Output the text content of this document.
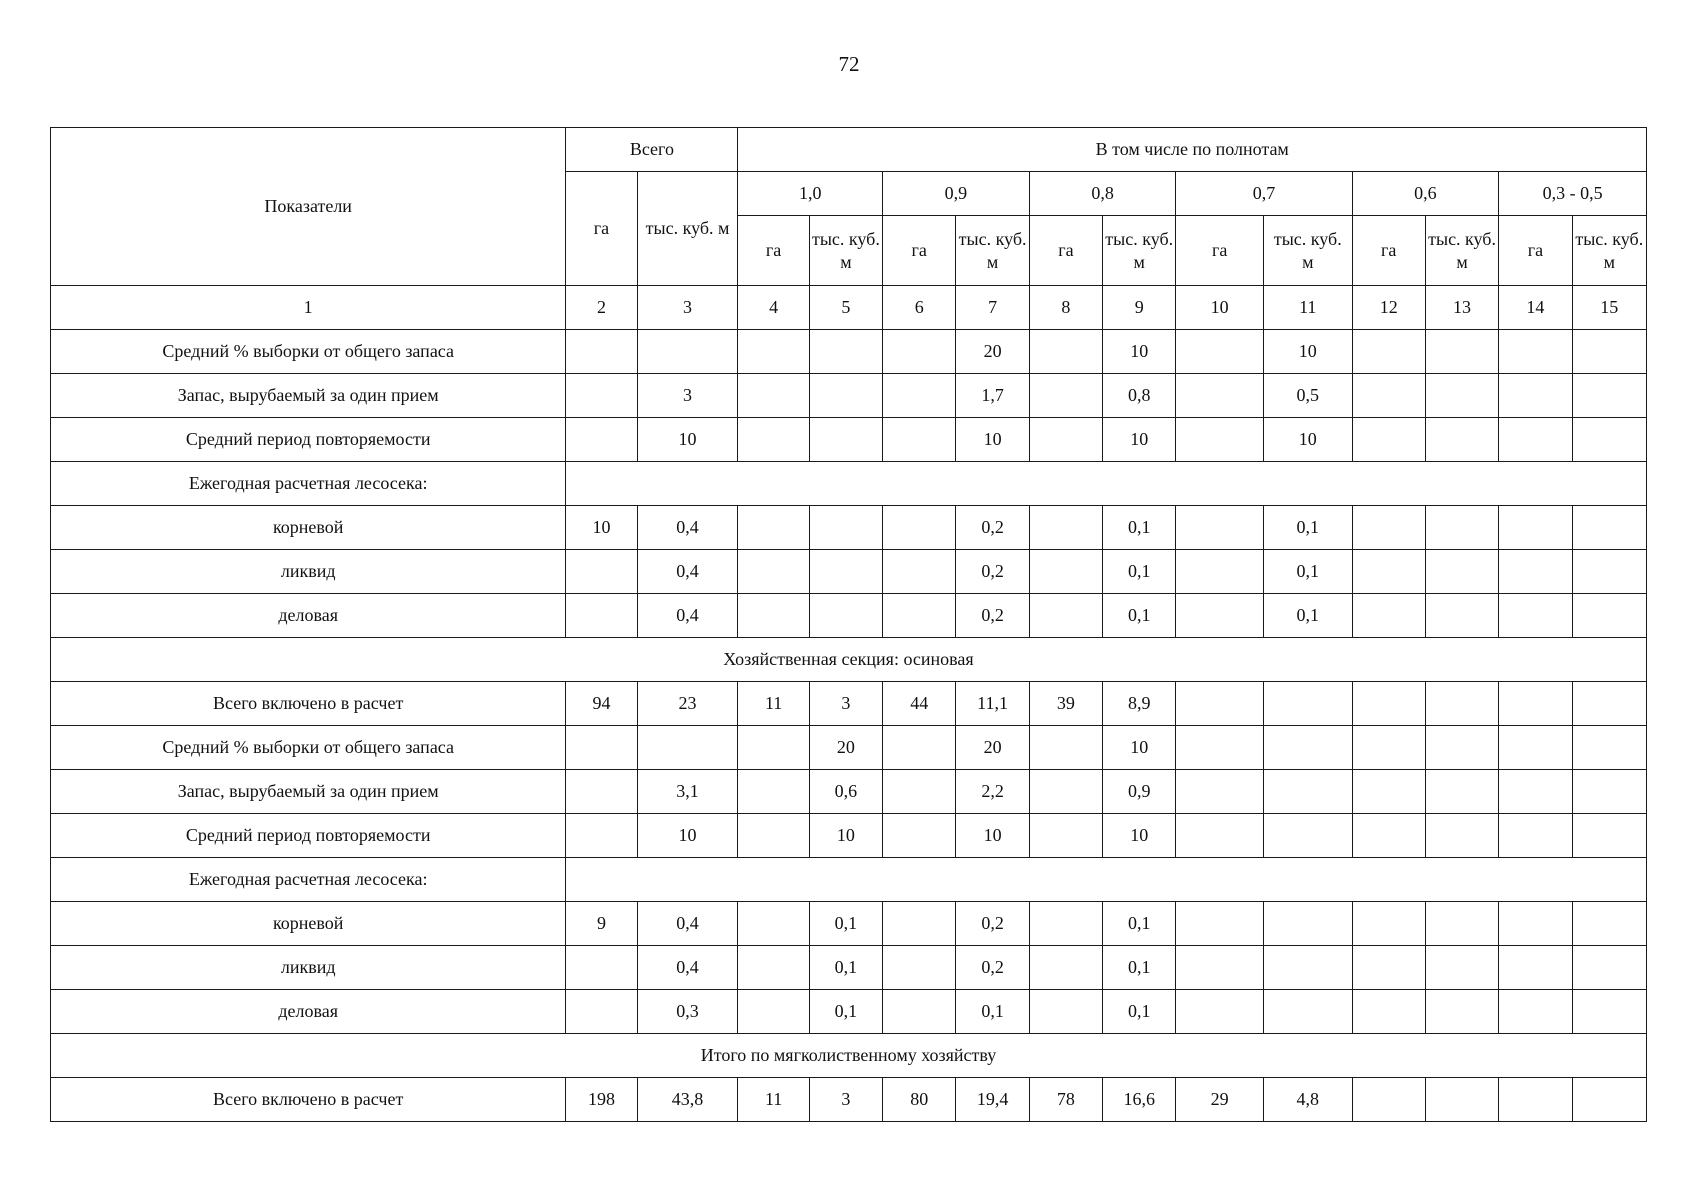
72
Показатели	Всего		В том числе по полнотам											
	га	тыс. куб. м	1,0		0,9		0,8		0,7		0,6		0,3 - 0,5	
			га	тыс. куб. м	га	тыс. куб. м	га	тыс. куб. м	га	тыс. куб. м	га	тыс. куб. м	га	тыс. куб. м
1	2	3	4	5	6	7	8	9	10	11	12	13	14	15
Средний % выборки от общего запаса						20		10		10				
Запас, вырубаемый за один прием		3				1,7		0,8		0,5				
Средний период повторяемости		10				10		10		10				
Ежегодная расчетная лесосека:														
корневой	10	0,4				0,2		0,1		0,1				
ликвид		0,4				0,2		0,1		0,1				
деловая		0,4				0,2		0,1		0,1				
Хозяйственная секция: осиновая														
Всего включено в расчет	94	23	11	3	44	11,1	39	8,9						
Средний % выборки от общего запаса				20		20		10						
Запас, вырубаемый за один прием		3,1		0,6		2,2		0,9						
Средний период повторяемости		10		10		10		10						
Ежегодная расчетная лесосека:														
корневой	9	0,4		0,1		0,2		0,1						
ликвид		0,4		0,1		0,2		0,1						
деловая		0,3		0,1		0,1		0,1						
Итого по мягколиственному хозяйству														
Всего включено в расчет	198	43,8	11	3	80	19,4	78	16,6	29	4,8				
